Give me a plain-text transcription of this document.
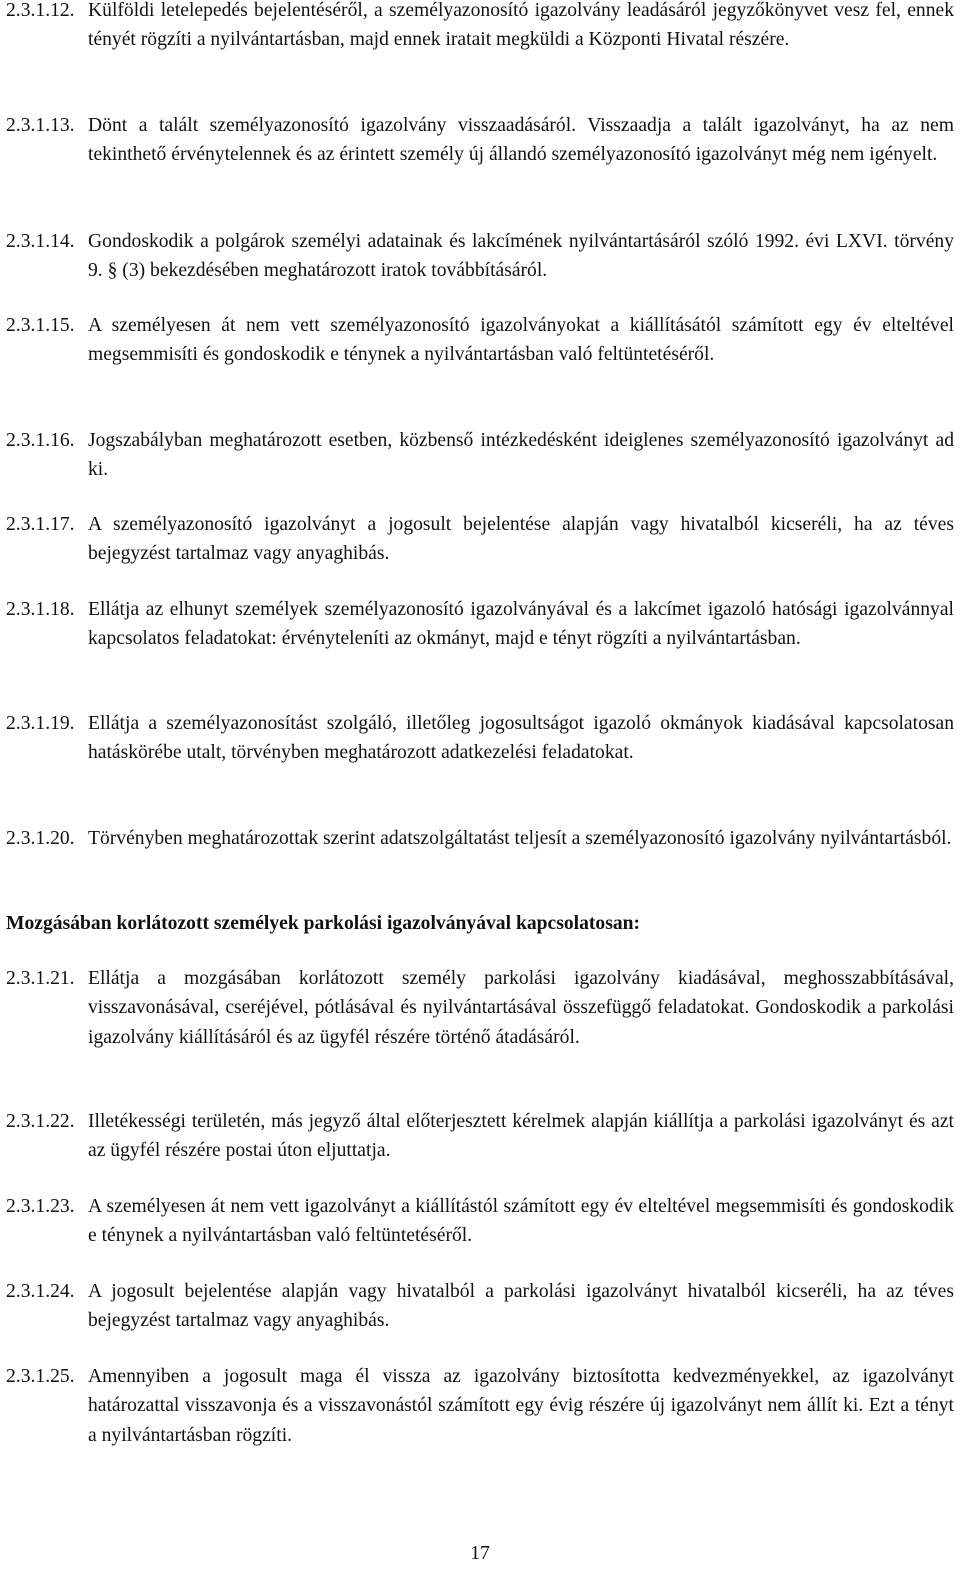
2.3.1.12. Külföldi letelepedés bejelentéséről, a személyazonosító igazolvány leadásáról jegyzőkönyvet vesz fel, ennek tényét rögzíti a nyilvántartásban, majd ennek iratait megküldi a Központi Hivatal részére.
2.3.1.13. Dönt a talált személyazonosító igazolvány visszaadásáról. Visszaadja a talált igazolványt, ha az nem tekinthető érvénytelennek és az érintett személy új állandó személyazonosító igazolványt még nem igényelt.
2.3.1.14. Gondoskodik a polgárok személyi adatainak és lakcímének nyilvántartásáról szóló 1992. évi LXVI. törvény 9. § (3) bekezdésében meghatározott iratok továbbításáról.
2.3.1.15. A személyesen át nem vett személyazonosító igazolványokat a kiállításától számított egy év elteltével megsemmisíti és gondoskodik e ténynek a nyilvántartásban való feltüntetéséről.
2.3.1.16. Jogszabályban meghatározott esetben, közbenső intézkedésként ideiglenes személyazonosító igazolványt ad ki.
2.3.1.17. A személyazonosító igazolványt a jogosult bejelentése alapján vagy hivatalból kicseréli, ha az téves bejegyzést tartalmaz vagy anyaghibás.
2.3.1.18. Ellátja az elhunyt személyek személyazonosító igazolványával és a lakcímet igazoló hatósági igazolvánnyal kapcsolatos feladatokat: érvényteleníti az okmányt, majd e tényt rögzíti a nyilvántartásban.
2.3.1.19. Ellátja a személyazonosítást szolgáló, illetőleg jogosultságot igazoló okmányok kiadásával kapcsolatosan hatáskörébe utalt, törvényben meghatározott adatkezelési feladatokat.
2.3.1.20. Törvényben meghatározottak szerint adatszolgáltatást teljesít a személyazonosító igazolvány nyilvántartásból.
Mozgásában korlátozott személyek parkolási igazolványával kapcsolatosan:
2.3.1.21. Ellátja a mozgásában korlátozott személy parkolási igazolvány kiadásával, meghosszabbításával, visszavonásával, cseréjével, pótlásával és nyilvántartásával összefüggő feladatokat. Gondoskodik a parkolási igazolvány kiállításáról és az ügyfél részére történő átadásáról.
2.3.1.22. Illetékességi területén, más jegyző által előterjesztett kérelmek alapján kiállítja a parkolási igazolványt és azt az ügyfél részére postai úton eljuttatja.
2.3.1.23. A személyesen át nem vett igazolványt a kiállítástól számított egy év elteltével megsemmisíti és gondoskodik e ténynek a nyilvántartásban való feltüntetéséről.
2.3.1.24. A jogosult bejelentése alapján vagy hivatalból a parkolási igazolványt hivatalból kicseréli, ha az téves bejegyzést tartalmaz vagy anyaghibás.
2.3.1.25. Amennyiben a jogosult maga él vissza az igazolvány biztosította kedvezményekkel, az igazolványt határozattal visszavonja és a visszavonástól számított egy évig részére új igazolványt nem állít ki. Ezt a tényt a nyilvántartásban rögzíti.
17
